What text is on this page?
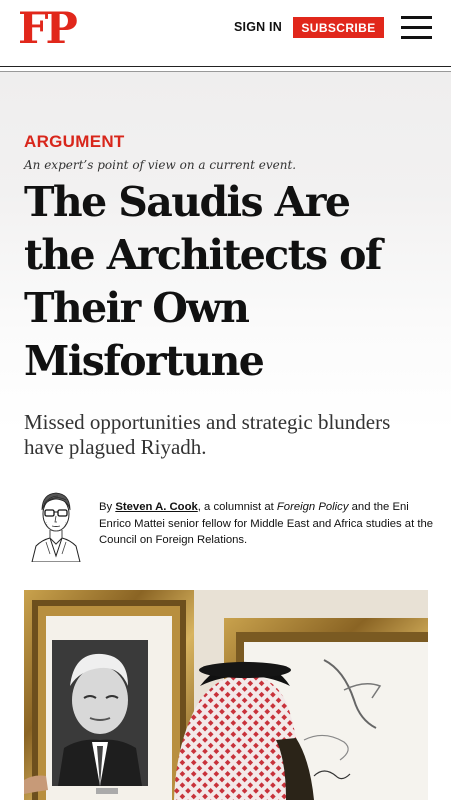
FP	SIGN IN	SUBSCRIBE
ARGUMENT
An expert’s point of view on a current event.
The Saudis Are
the Architects of
Their Own
Misfortune

Missed opportunities and strategic blunders have plagued Riyadh.

By Steven A. Cook, a columnist at Foreign Policy and the Eni Enrico Mattei senior fellow for Middle East and Africa studies at the Council on Foreign Relations.
